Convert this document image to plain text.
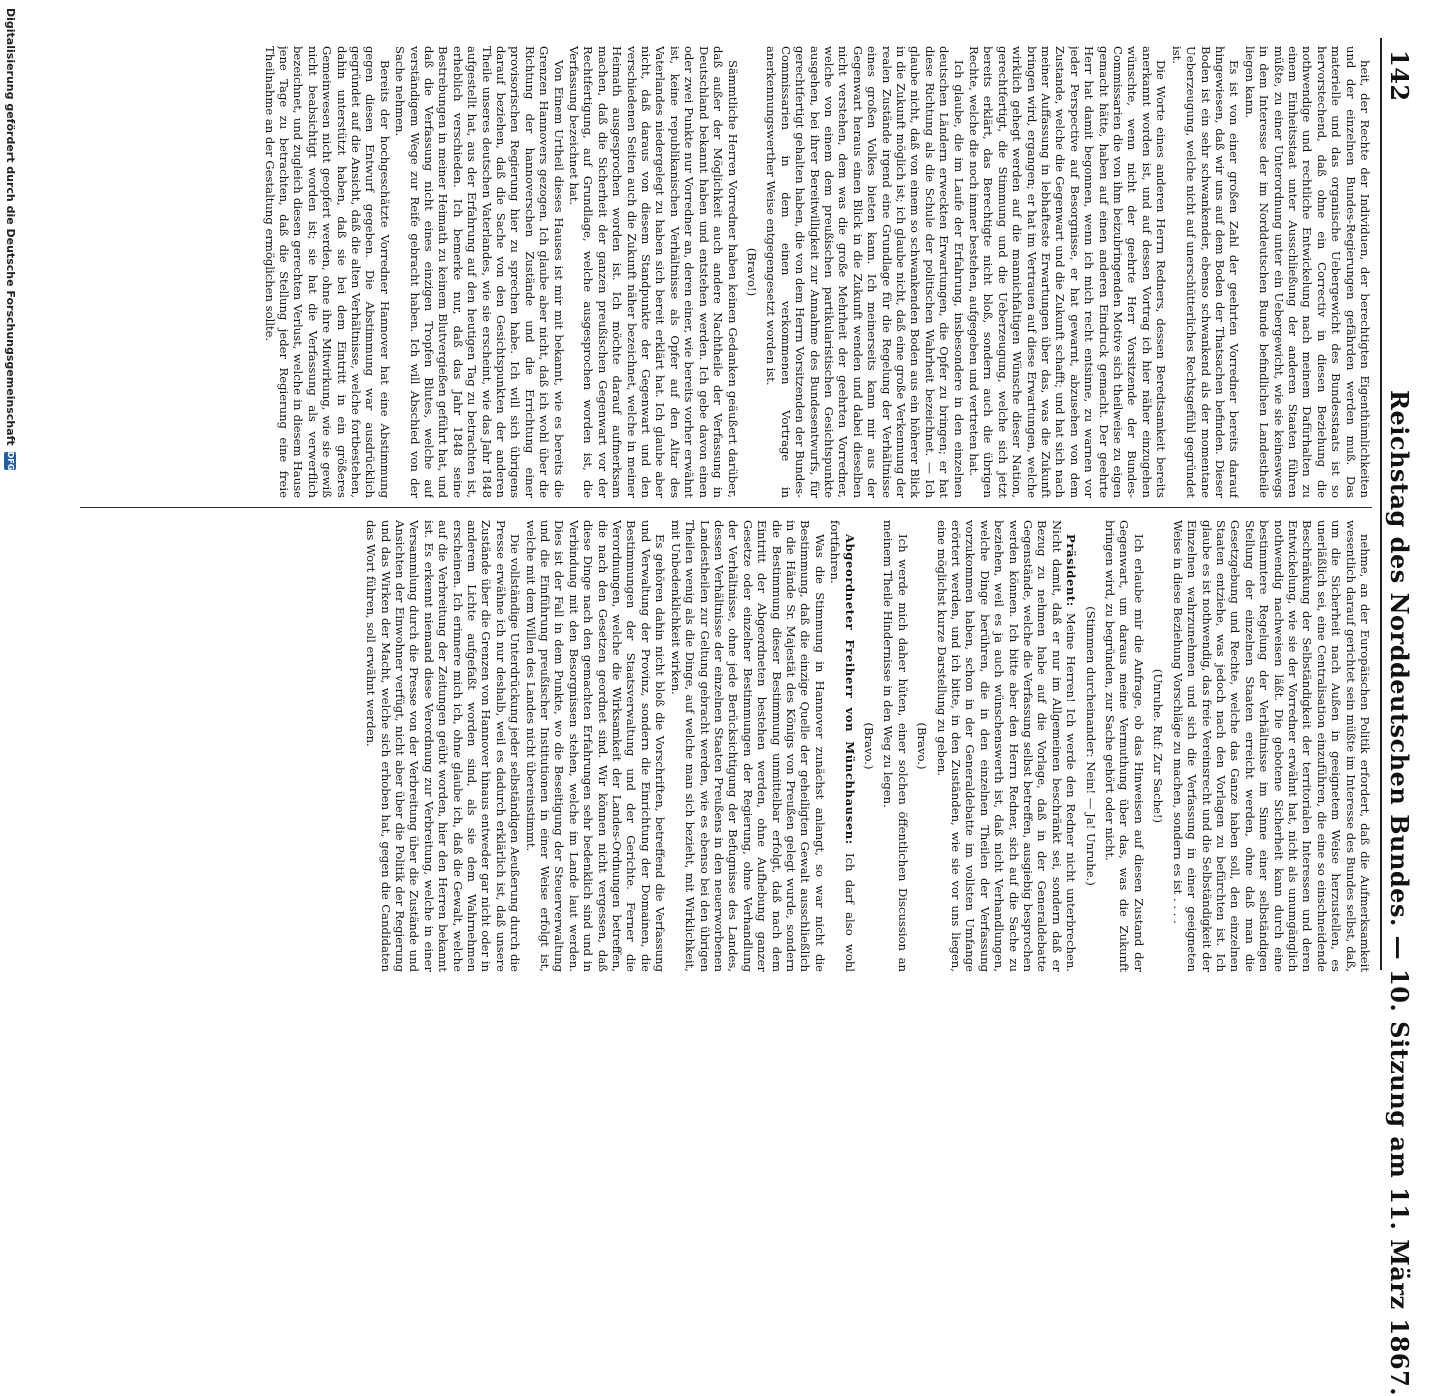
142
Reichstag des Norddeutschen Bundes. — 10. Sitzung am 11. März 1867.

heit, der Rechte der Individuen, der berechtigten Eigenthümlichkeiten und der einzelnen Bundes-Regierungen gefährden werden muß. Das materielle und das organische Uebergewicht des Bundesstaats ist so hervorstechend, daß ohne ein Correctiv in diesen Beziehung die nothwendige und rechtliche Entwickelung nach meinem Dafürhalten zu einem Einheitsstaat unter Ausschließung der anderen Staaten führen müßte, zu einer Unterordnung unter ein Uebergewicht, wie sie keineswegs in dem Interesse der im Norddeutschen Bunde befindlichen Landestheile liegen kann.

Es ist von einer großen Zahl der geehrten Vorredner bereits darauf hingewiesen, daß wir uns auf dem Boden der Thatsachen befinden. Dieser Boden ist ein sehr schwankender, ebenso schwankend als der momentane Ueberzeugung, welche nicht auf unerschütterliches Rechtsgefühl gegründet ist.

Die Worte eines anderen Herrn Redners, dessen Beredtsamkeit bereits anerkannt worden ist, und auf dessen Vortrag ich hier näher einzugehen wünschte, wenn nicht der geehrte Herr Vorsitzende der Bundes-Commissarien die von ihm beizubringenden Motive sich theilweise zu eigen gemacht hätte, haben auf einen anderen Eindruck gemacht. Der geehrte Herr hat damit begonnen, wenn ich mich recht entsinne, zu warnen vor jeder Perspective auf Besorgnisse, er hat gewarnt, abzusehen von dem Zustande, welche die Gegenwart und die Zukunft schafft; und hat sich nach meiner Auffassung in lebhafteste Erwartungen über das, was die Zukunft bringen wird, ergangen; er hat im Vertrauen auf diese Erwartungen, welche wirklich gehegt werden auf die mannichfaltigen Wünsche dieser Nation, gerechtfertigt, die Stimmung und die Ueberzeugung, welche sich jetzt bereits erklärt, das Berechtigte nicht bloß, sondern auch die übrigen Rechte, welche die noch immer bestehen, aufgegeben und vertreten hat.

Ich glaube, die im Laufe der Erfahrung, insbesondere in den einzelnen deutschen Ländern erweckten Erwartungen, die Opfer zu bringen; er hat diese Richtung als die Schule der politischen Wahrheit bezeichnet. — Ich glaube nicht, daß von einem so schwankenden Boden aus ein höherer Blick in die Zukunft möglich ist; ich glaube nicht, daß eine große Verkennung der realen Zustände irgend eine Grundlage für die Regelung der Verhältnisse eines großen Volkes bieten kann. Ich meinerseits kann mir aus der Gegenwart heraus einen Blick in die Zukunft wenden und dabei dieselben nicht verstehen, dem was die große Mehrheit der geehrten Vorredner, welche von einem dem preußischen partikularistischen Gesichtspunkte ausgehen, bei ihrer Bereitwilligkeit zur Annahme des Bundesentwurfs, für gerechtfertigt gehalten haben, die von dem Herrn Vorsitzenden der Bundes-Commissarien in dem einen verkommenen Vortrage in anerkennungswerther Weise entgegengesetzt worden ist.

(Bravo!)

Sämmtliche Herren Vorredner haben keinen Gedanken geäußert darüber, daß außer der Möglichkeit auch andere Nachtheile der Verfassung in Deutschland bekannt haben und entstehen werden. Ich gebe davon einen oder zwei Punkte nur Vorredner an, deren einer, wie bereits vorher erwähnt ist, keine republikanischen Verhältnisse als Opfer auf den Altar des Vaterlandes niedergelegt zu haben sich bereit erklärt hat. Ich glaube aber nicht, daß daraus von diesem Standpunkte der Gegenwart und den verschiedenen Seiten auch die Zukunft näher bezeichnet, welche in meiner Heimath ausgesprochen worden ist. Ich möchte darauf aufmerksam machen, daß die Sicherheit der ganzen preußischen Gegenwart vor der Rechtfertigung, auf Grundlage, welche ausgesprochen worden ist, die Verfassung bezeichnet hat.

Von Einem Urtheil dieses Hauses ist mir mit bekannt, wie es bereits die Grenzen Hannovers gezogen. Ich glaube aber nicht, daß ich wohl über die Richtung der hannoverschen Zustände und die Errichtung einer provisorischen Regierung hier zu sprechen habe. Ich will sich übrigens darauf beziehen, daß die Sache von den Gesichtspunkten der anderen Theile unseres deutschen Vaterlandes, wie sie erscheint, wie das Jahr 1848 aufgestellt hat, aus der Erfahrung auf den heutigen Tag zu betrachten ist, erheblich verschieden. Ich bemerke nur, daß das Jahr 1848 seine Bestrebungen in meiner Heimath zu keinem Blutvergießen geführt hat, und daß die Verfassung nicht eines einzigen Tropfen Blutes, welche auf verständigem Wege zur Reife gebracht haben. Ich will Abschied von der Sache nehmen.

Bereits der hochgeschätzte Vorredner Hannover hat eine Abstimmung gegen diesen Entwurf gegeben. Die Abstimmung war ausdrücklich gegründet auf die Ansicht, daß die alten Verhältnisse, welche fortbestehen, dahin unterstützt haben, daß sie bei dem Eintritt in ein größeres Gemeinwesen nicht geopfert werden, ohne ihre Mitwirkung, wie sie gewiß nicht beabsichtigt worden ist; sie hat die Verfassung als verwerflich bezeichnet, und zugleich diesen gerechten Verlust, welche in diesem Hause jene Tage zu betrachten, daß die Stellung jeder Regierung eine freie Theilnahme an der Gestaltung ermöglichen sollte.

nehme, an der Europäischen Politik erfordert, daß die Aufmerksamkeit wesentlich darauf gerichtet sein müßte im Interesse des Bundes selbst, daß, um die Sicherheit nach Außen in geeignetem Weise herzustellen, es unerläßlich sei, eine Centralisation einzuführen, die eine so einschneidende Beschränkung der Selbständigkeit der territorialen Interessen und deren Entwickelung, wie sie der Vorredner erwähnt hat, nicht als unumgänglich nothwendig nachweisen läßt. Die gebotene Sicherheit kann durch eine bestimmtere Regelung der Verhältnisse im Sinne einer selbständigen Stellung der einzelnen Staaten erreicht werden, ohne daß man die Gesetzgebung und Rechte, welche das Ganze haben soll, den einzelnen Staaten entziehe, was jedoch nach den Vorlagen zu befürchten ist. Ich glaube es ist nothwendig, das freie Vereinsrecht und die Selbständigkeit der Einzelnen wahrzunehmen und sich die Verfassung in einer geeigneten Weise in diese Beziehung Vorschläge zu machen, sondern es ist . . . .

(Unruhe. Ruf: Zur Sache!)

Ich erlaube mir die Anfrage, ob das Hinweisen auf diesen Zustand der Gegenwart, um daraus meine Vermuthung über das, was die Zukunft bringen wird, zu begründen, zur Sache gehört oder nicht.

(Stimmen durcheinander: Nein! — Ja! Unruhe.)

Präsident: Meine Herren! Ich werde den Redner nicht unterbrechen. Nicht damit, daß er nur im Allgemeinen beschränkt sei, sondern daß er Bezug zu nehmen habe auf die Vorlage, daß in der Generaldebatte Gegenstände, welche die Verfassung selbst betreffen, ausgiebig besprochen werden können. Ich bitte aber den Herrn Redner, sich auf die Sache zu beziehen, weil es ja auch wünschenswerth ist, daß nicht Verhandlungen, welche Dinge berühren, die in den einzelnen Theilen der Verfassung vorzukommen haben, schon in der Generaldebatte im vollsten Umfange erörtert werden, und ich bitte, in den Zuständen, wie sie vor uns liegen, eine möglichst kurze Darstellung zu geben.

(Bravo.)

Ich werde mich daher hüten, einer solchen öffentlichen Discussion an meinem Theile Hindernisse in den Weg zu legen.

(Bravo.)

Abgeordneter Freiherr von Münchhausen: Ich darf also wohl fortfahren.

Was die Stimmung in Hannover zunächst anlangt, so war nicht die Bestimmung, daß die einzige Quelle der geheiligten Gewalt ausschließlich in die Hände Sr. Majestät des Königs von Preußen gelegt wurde, sondern die Bestimmung dieser Bestimmung unmittelbar erfolgt, daß nach dem Eintritt der Abgeordneten bestehen werden, ohne Aufhebung ganzer Gesetze oder einzelner Bestimmungen der Regierung, ohne Verhandlung der Verhältnisse, ohne jede Berücksichtigung der Befugnisse des Landes, dessen Verhältnisse der einzelnen Staaten Preußens in den neuerworbenen Landestheilen zur Geltung gebracht werden, wie es ebenso bei den übrigen Theilen wenig als die Dinge, auf welche man sich bezieht, mit Wirklichkeit, mit Unbedenklichkeit wirken.

Es gehören dahin nicht bloß die Vorschriften, betreffend die Verfassung und Verwaltung der Provinz, sondern die Einrichtung der Domainen, die Bestimmungen der Staatsverwaltung und der Gerichte. Ferner die Verordnungen, welche die Wirksamkeit der Landes-Ordnungen betreffen, die nach den Gesetzen geordnet sind. Wir können nicht vergessen, daß diese Dinge nach den gemachten Erfahrungen sehr bedenklich sind und in Verbindung mit den Besorgnissen stehen, welche im Lande laut werden. Dies ist der Fall in dem Punkte, wo die Beseitigung der Steuerverwaltung und die Einführung preußischer Institutionen in einer Weise erfolgt ist, welche mit dem Willen des Landes nicht übereinstimmt.

Die vollständige Unterdrückung jeder selbständigen Aeußerung durch die Presse erwähne ich nur deshalb, weil es dadurch erklärlich ist, daß unsere Zustände über die Grenzen von Hannover hinaus entweder gar nicht oder in anderem Lichte aufgefaßt worden sind, als sie dem Wahrnehmen erscheinen. Ich erinnere mich ich, ohne glaube ich, daß die Gewalt, welche auf die Verbreitung der Zeitungen geübt worden, hier den Herren bekannt ist. Es erkennt niemand diese Verordnung zur Verbreitung, welche in einer Versammlung durch die Presse von der Verbreitung über die Zustände und Ansichten der Einwohner verfügt, nicht aber über die Politik der Regierung und das Wirken der Macht, welche sich erhoben hat, gegen die Candidaten das Wort führen, soll erwähnt werden.

Digitalisierung gefördert durch die Deutsche Forschungsgemeinschaft
DFG
